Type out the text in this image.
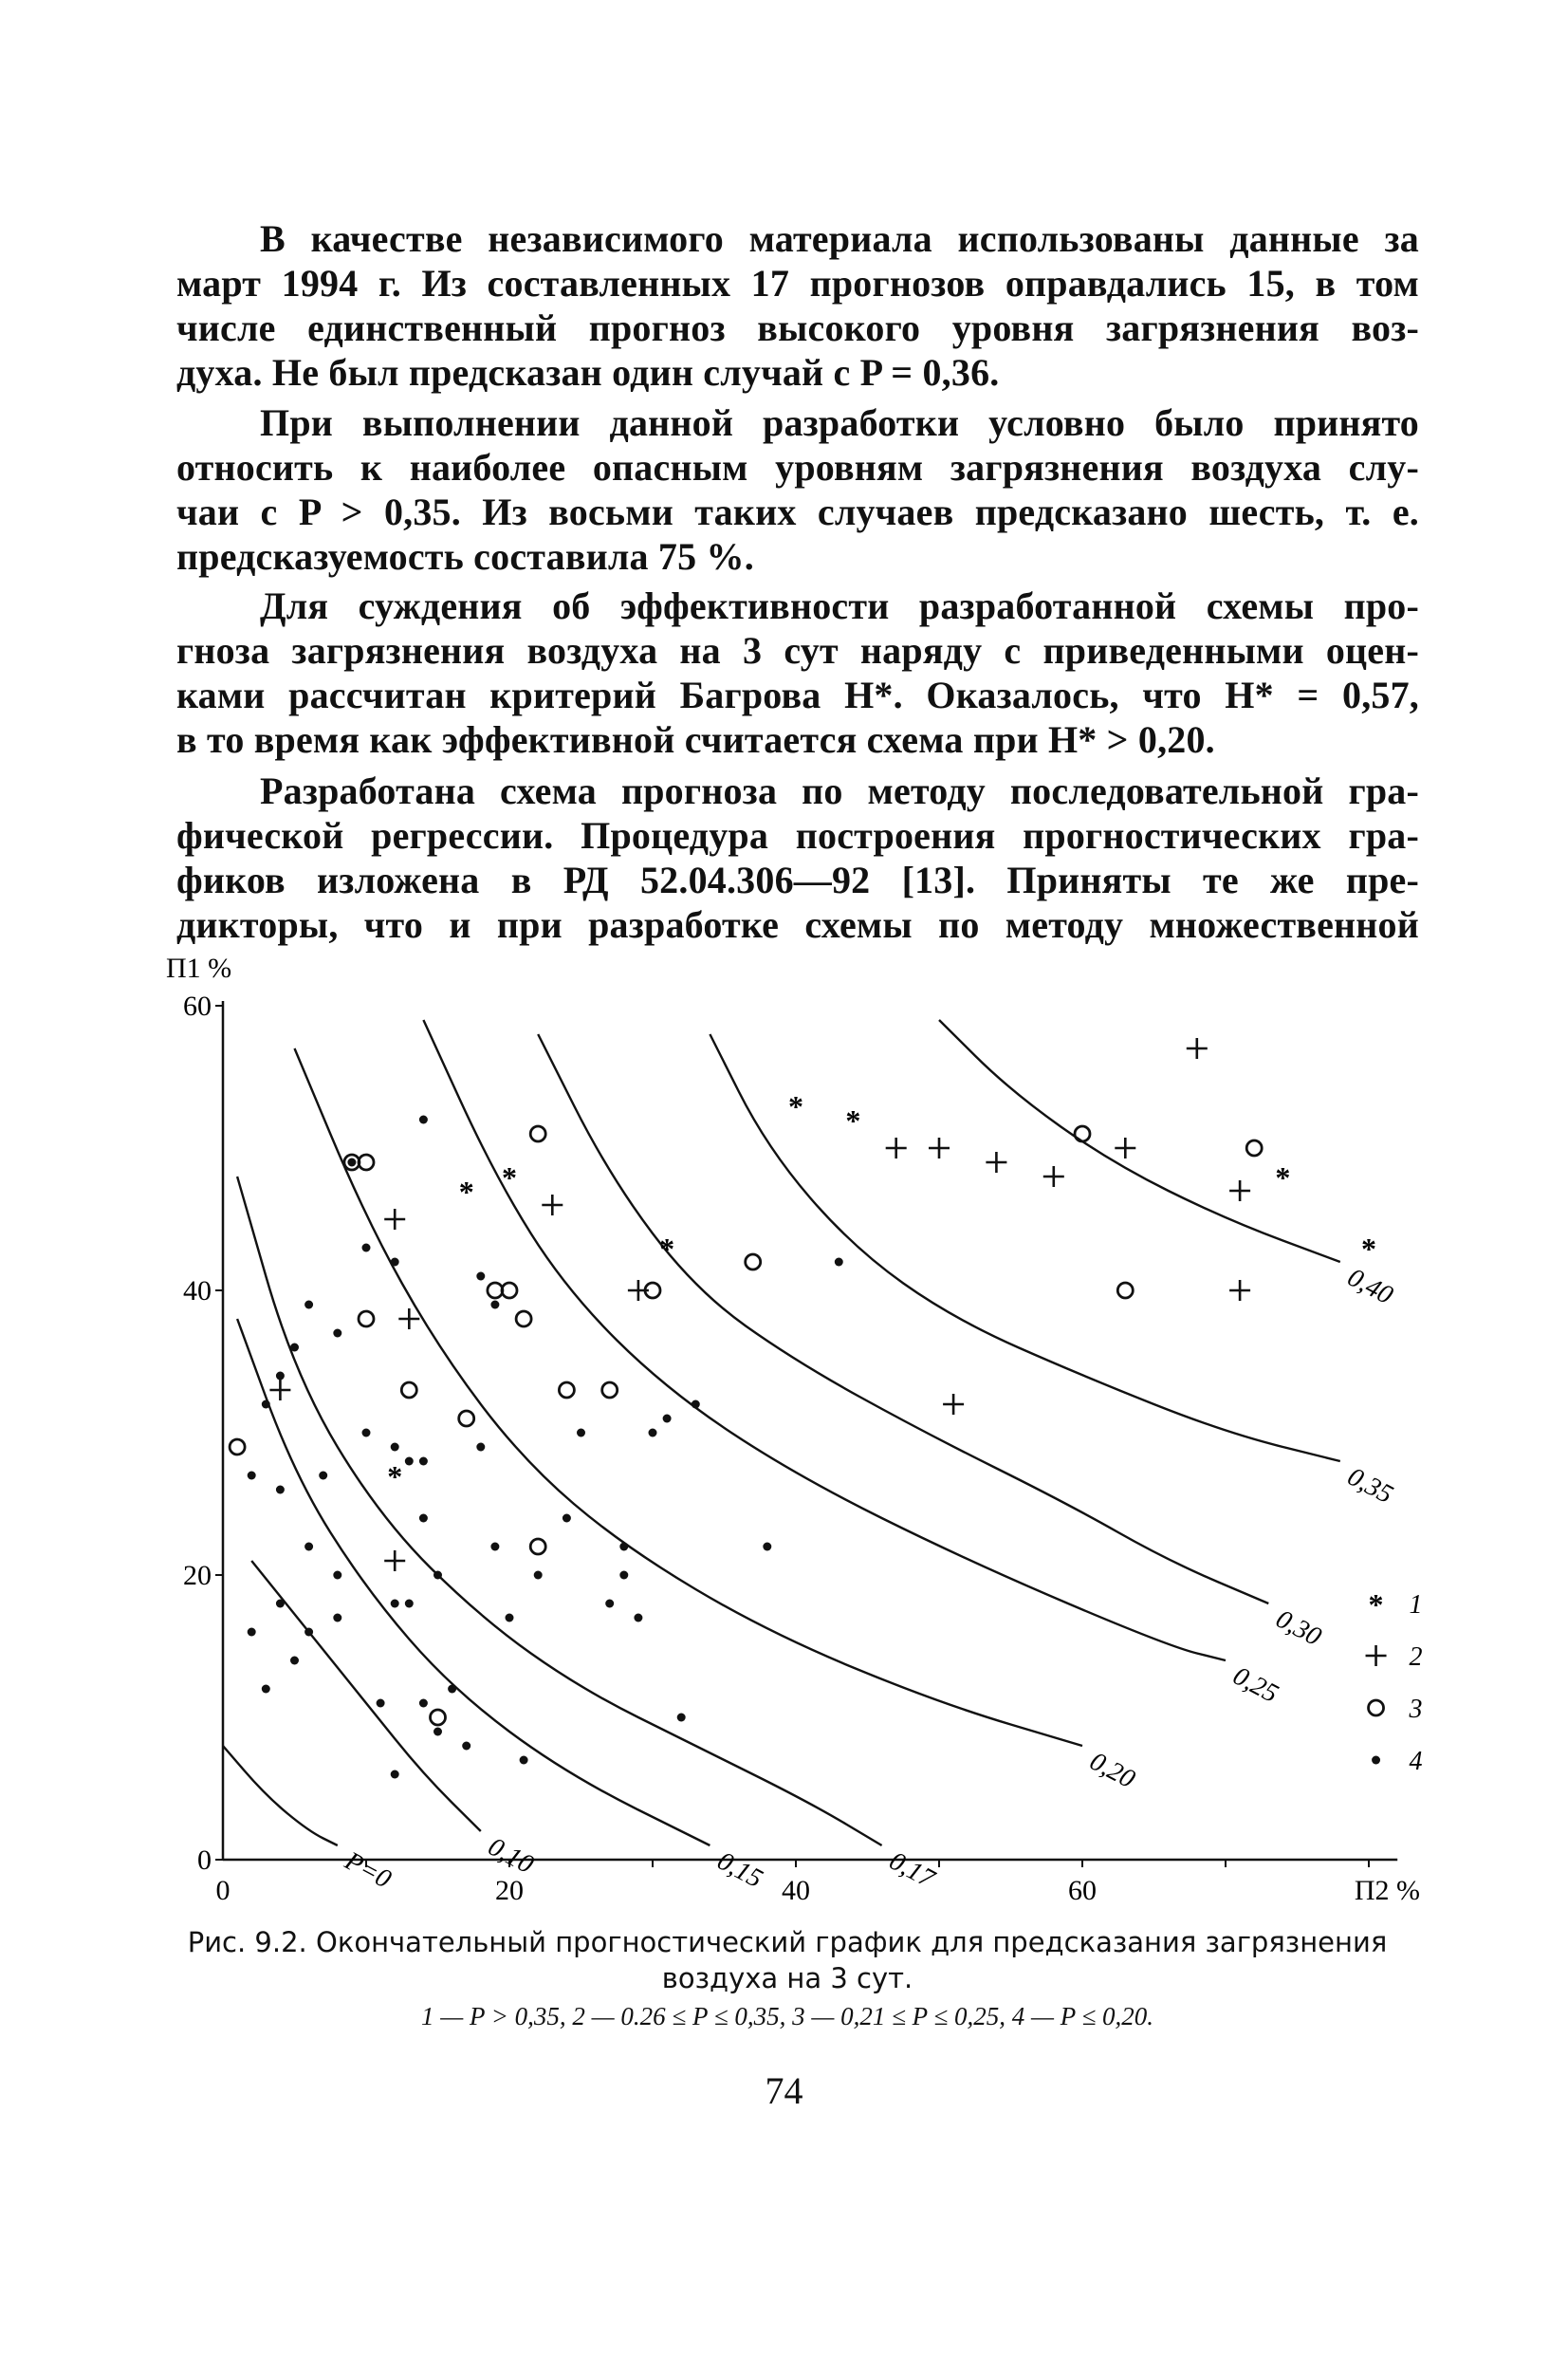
В качестве независимого материала использованы данные за
март 1994 г. Из составленных 17 прогнозов оправдались 15, в том
числе единственный прогноз высокого уровня загрязнения воз-
духа. Не был предсказан один случай с P = 0,36.
При выполнении данной разработки условно было принято
относить к наиболее опасным уровням загрязнения воздуха слу-
чаи с P > 0,35. Из восьми таких случаев предсказано шесть, т. е.
предсказуемость составила 75 %.
Для суждения об эффективности разработанной схемы про-
гноза загрязнения воздуха на 3 сут наряду с приведенными оцен-
ками рассчитан критерий Багрова H*. Оказалось, что H* = 0,57,
в то время как эффективной считается схема при H* > 0,20.
Разработана схема прогноза по методу последовательной гра-
фической регрессии. Процедура построения прогностических гра-
фиков изложена в РД 52.04.306—92 [13]. Приняты те же пре-
дикторы, что и при разработке схемы по методу множественной
0
20
40
60
0	20	40	60
П1 %
П2 %
P=0	0,10	0,15	0,17
0,20
0,25
0,30
0,35
0,40
*
*
* *
*
*
*
*
* 1
2
3
4
Рис. 9.2. Окончательный прогностический график для предсказания загрязнения
воздуха на 3 сут.
1 — P > 0,35, 2 — 0.26 ≤ P ≤ 0,35, 3 — 0,21 ≤ P ≤ 0,25, 4 — P ≤ 0,20.
74
